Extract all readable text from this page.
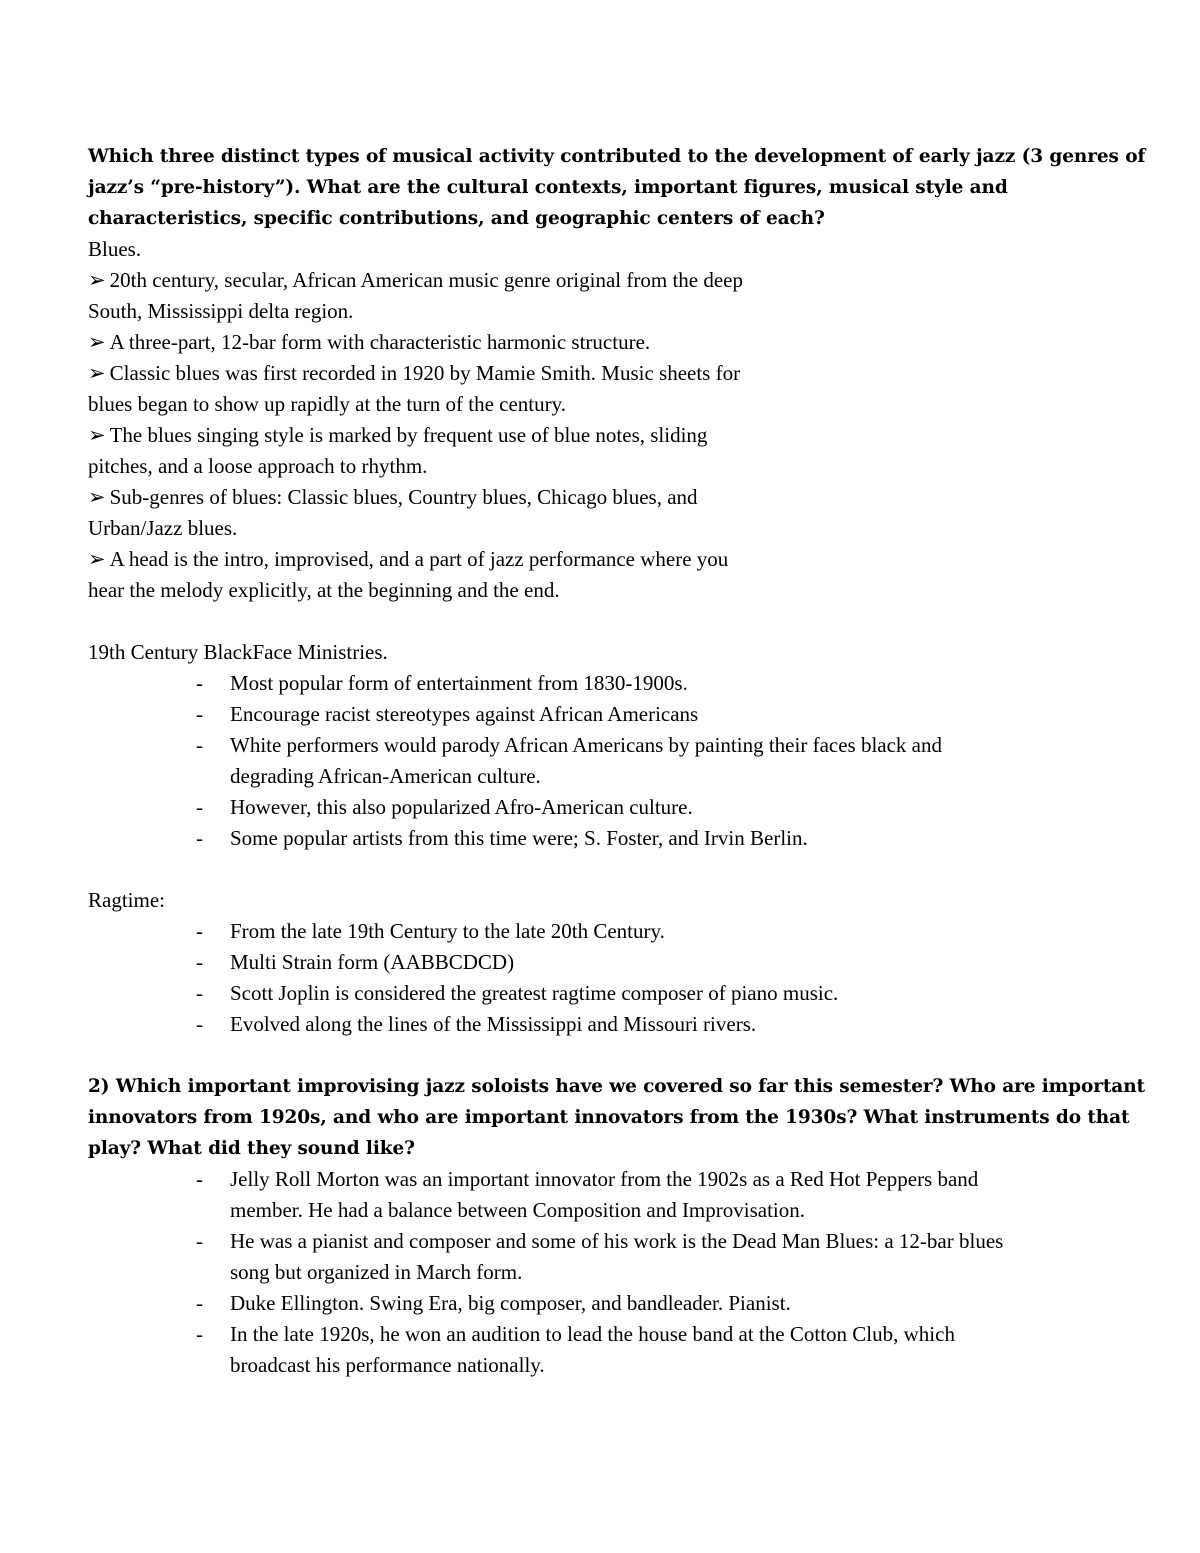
Which three distinct types of musical activity contributed to the development of early jazz (3 genres of
jazz’s “pre-history”). What are the cultural contexts, important figures, musical style and
characteristics, specific contributions, and geographic centers of each?
Blues.
➢ 20th century, secular, African American music genre original from the deep
South, Mississippi delta region.
➢ A three-part, 12-bar form with characteristic harmonic structure.
➢ Classic blues was first recorded in 1920 by Mamie Smith. Music sheets for
blues began to show up rapidly at the turn of the century.
➢ The blues singing style is marked by frequent use of blue notes, sliding
pitches, and a loose approach to rhythm.
➢ Sub-genres of blues: Classic blues, Country blues, Chicago blues, and
Urban/Jazz blues.
➢ A head is the intro, improvised, and a part of jazz performance where you
hear the melody explicitly, at the beginning and the end.
19th Century BlackFace Ministries.
- Most popular form of entertainment from 1830-1900s.
- Encourage racist stereotypes against African Americans
- White performers would parody African Americans by painting their faces black and
degrading African-American culture.
- However, this also popularized Afro-American culture.
- Some popular artists from this time were; S. Foster, and Irvin Berlin.
Ragtime:
- From the late 19th Century to the late 20th Century.
- Multi Strain form (AABBCDCD)
- Scott Joplin is considered the greatest ragtime composer of piano music.
- Evolved along the lines of the Mississippi and Missouri rivers.
2) Which important improvising jazz soloists have we covered so far this semester? Who are important
innovators from 1920s, and who are important innovators from the 1930s? What instruments do that
play? What did they sound like?
- Jelly Roll Morton was an important innovator from the 1902s as a Red Hot Peppers band
member. He had a balance between Composition and Improvisation.
- He was a pianist and composer and some of his work is the Dead Man Blues: a 12-bar blues
song but organized in March form.
- Duke Ellington. Swing Era, big composer, and bandleader. Pianist.
- In the late 1920s, he won an audition to lead the house band at the Cotton Club, which
broadcast his performance nationally.
